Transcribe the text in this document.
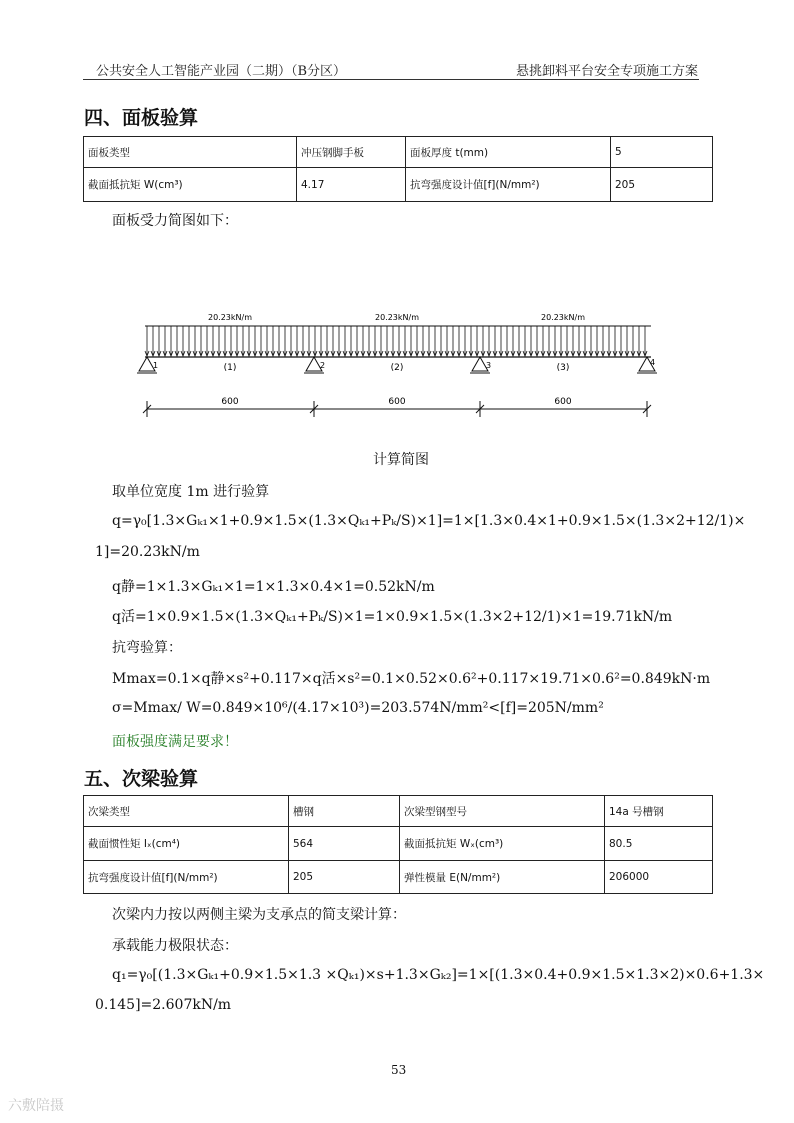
公共安全人工智能产业园（二期）（B分区）	悬挑卸料平台安全专项施工方案
四、面板验算
面板类型	冲压钢脚手板	面板厚度 t(mm)	5
截面抵抗矩 W(cm³)	4.17	抗弯强度设计值[f](N/mm²)	205

面板受力简图如下：

20.23kN/m	20.23kN/m	20.23kN/m
1	2	3	4
(1)	(2)	(3)
600	600	600
计算简图

取单位宽度 1m 进行验算

q=γ₀[1.3×Gₖ₁×1+0.9×1.5×(1.3×Qₖ₁+Pₖ/S)×1]=1×[1.3×0.4×1+0.9×1.5×(1.3×2+12/1)×

1]=20.23kN/m

q静=1×1.3×Gₖ₁×1=1×1.3×0.4×1=0.52kN/m

q活=1×0.9×1.5×(1.3×Qₖ₁+Pₖ/S)×1=1×0.9×1.5×(1.3×2+12/1)×1=19.71kN/m

抗弯验算：

Mmax=0.1×q静×s²+0.117×q活×s²=0.1×0.52×0.6²+0.117×19.71×0.6²=0.849kN·m

σ=Mmax/ W=0.849×10⁶/(4.17×10³)=203.574N/mm²<[f]=205N/mm²

面板强度满足要求！

五、次梁验算
次梁类型	槽钢	次梁型钢型号	14a 号槽钢
截面惯性矩 Iₓ(cm⁴)	564	截面抵抗矩 Wₓ(cm³)	80.5
抗弯强度设计值[f](N/mm²)	205	弹性模量 E(N/mm²)	206000

次梁内力按以两侧主梁为支承点的简支梁计算：

承载能力极限状态：

q₁=γ₀[(1.3×Gₖ₁+0.9×1.5×1.3 ×Qₖ₁)×s+1.3×Gₖ₂]=1×[(1.3×0.4+0.9×1.5×1.3×2)×0.6+1.3×

0.145]=2.607kN/m

53
六敷陪摄
